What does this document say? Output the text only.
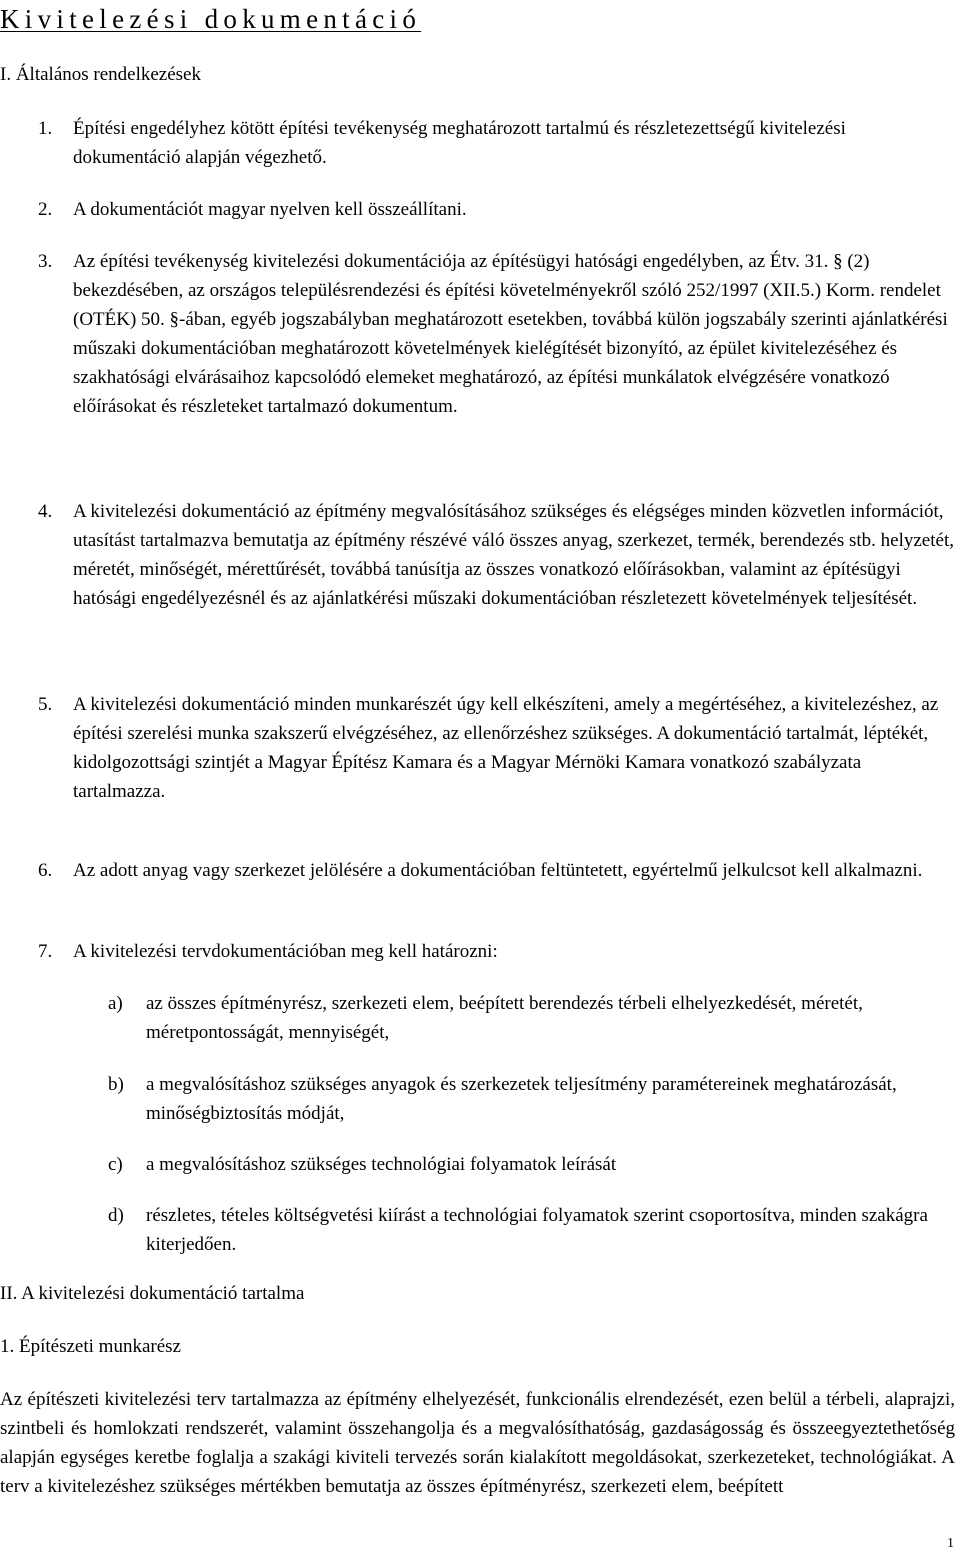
Kivitelezési dokumentáció
I. Általános rendelkezések
1. Építési engedélyhez kötött építési tevékenység meghatározott tartalmú és részletezettségű kivitelezési dokumentáció alapján végezhető.

2. A dokumentációt magyar nyelven kell összeállítani.

3. Az építési tevékenység kivitelezési dokumentációja az építésügyi hatósági engedélyben, az Étv. 31. § (2) bekezdésében, az országos településrendezési és építési követelményekről szóló 252/1997 (XII.5.) Korm. rendelet (OTÉK) 50. §-ában, egyéb jogszabályban meghatározott esetekben, továbbá külön jogszabály szerinti ajánlatkérési műszaki dokumentációban meghatározott követelmények kielégítését bizonyító, az épület kivitelezéséhez és szakhatósági elvárásaihoz kapcsolódó elemeket meghatározó, az építési munkálatok elvégzésére vonatkozó előírásokat és részleteket tartalmazó dokumentum.

4. A kivitelezési dokumentáció az építmény megvalósításához szükséges és elégséges minden közvetlen információt, utasítást tartalmazva bemutatja az építmény részévé váló összes anyag, szerkezet, termék, berendezés stb. helyzetét, méretét, minőségét, mérettűrését, továbbá tanúsítja az összes vonatkozó előírásokban, valamint az építésügyi hatósági engedélyezésnél és az ajánlatkérési műszaki dokumentációban részletezett követelmények teljesítését.

5. A kivitelezési dokumentáció minden munkarészét úgy kell elkészíteni, amely a megértéséhez, a kivitelezéshez, az építési szerelési munka szakszerű elvégzéséhez, az ellenőrzéshez szükséges. A dokumentáció tartalmát, léptékét, kidolgozottsági szintjét a Magyar Építész Kamara és a Magyar Mérnöki Kamara vonatkozó szabályzata tartalmazza.

6. Az adott anyag vagy szerkezet jelölésére a dokumentációban feltüntetett, egyértelmű jelkulcsot kell alkalmazni.

7. A kivitelezési tervdokumentációban meg kell határozni:

a) az összes építményrész, szerkezeti elem, beépített berendezés térbeli elhelyezkedését, méretét, méretpontosságát, mennyiségét,

b) a megvalósításhoz szükséges anyagok és szerkezetek teljesítmény paramétereinek meghatározását, minőségbiztosítás módját,

c) a megvalósításhoz szükséges technológiai folyamatok leírását

d) részletes, tételes költségvetési kiírást a technológiai folyamatok szerint csoportosítva, minden szakágra kiterjedően.

II. A kivitelezési dokumentáció tartalma
1. Építészeti munkarész

Az építészeti kivitelezési terv tartalmazza az építmény elhelyezését, funkcionális elrendezését, ezen belül a térbeli, alaprajzi, szintbeli és homlokzati rendszerét, valamint összehangolja és a megvalósíthatóság, gazdaságosság és összeegyeztethetőség alapján egységes keretbe foglalja a szakági kiviteli tervezés során kialakított megoldásokat, szerkezeteket, technológiákat. A terv a kivitelezéshez szükséges mértékben bemutatja az összes építményrész, szerkezeti elem, beépített

1
